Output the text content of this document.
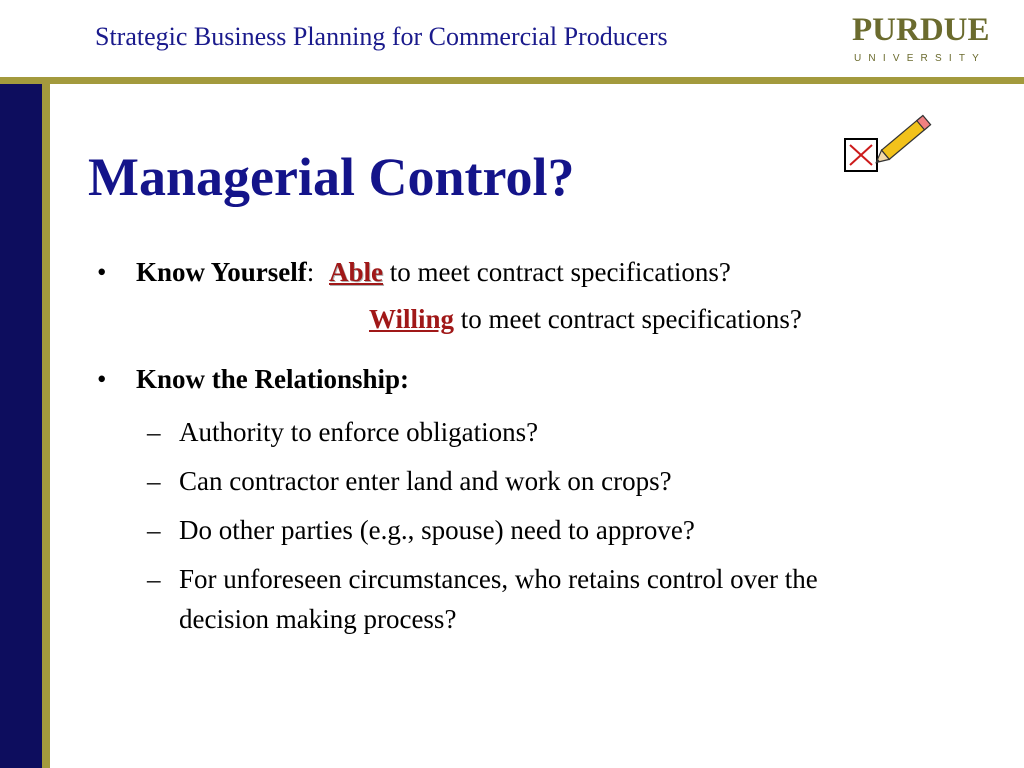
Strategic Business Planning for Commercial Producers	PURDUE
UNIVERSITY
Managerial Control?
• Know Yourself: Able to meet contract specifications?
Willing to meet contract specifications?
• Know the Relationship:
– Authority to enforce obligations?
– Can contractor enter land and work on crops?
– Do other parties (e.g., spouse) need to approve?
– For unforeseen circumstances, who retains control over the
decision making process?
